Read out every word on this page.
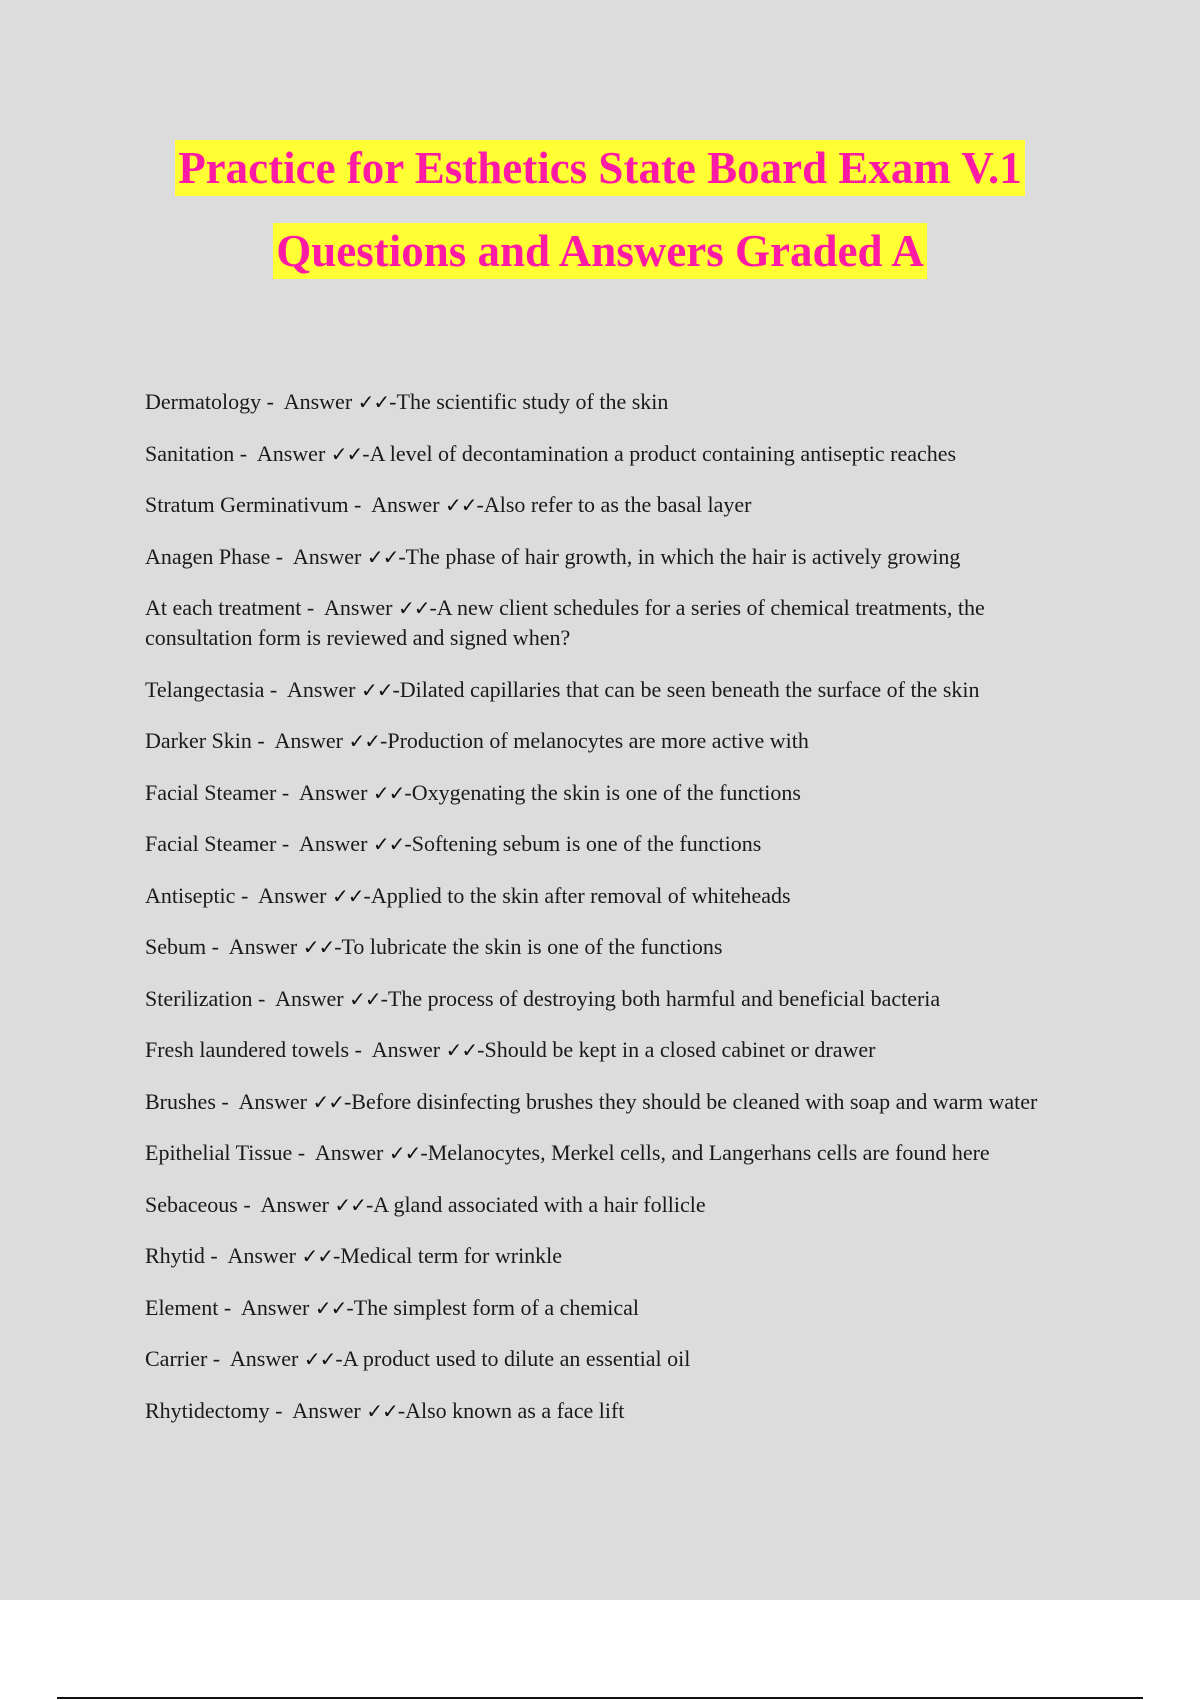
Practice for Esthetics State Board Exam V.1
Questions and Answers Graded A
Dermatology -  Answer ✓✓-The scientific study of the skin
Sanitation -  Answer ✓✓-A level of decontamination a product containing antiseptic reaches
Stratum Germinativum -  Answer ✓✓-Also refer to as the basal layer
Anagen Phase -  Answer ✓✓-The phase of hair growth, in which the hair is actively growing
At each treatment -  Answer ✓✓-A new client schedules for a series of chemical treatments, the consultation form is reviewed and signed when?
Telangectasia -  Answer ✓✓-Dilated capillaries that can be seen beneath the surface of the skin
Darker Skin -  Answer ✓✓-Production of melanocytes are more active with
Facial Steamer -  Answer ✓✓-Oxygenating the skin is one of the functions
Facial Steamer -  Answer ✓✓-Softening sebum is one of the functions
Antiseptic -  Answer ✓✓-Applied to the skin after removal of whiteheads
Sebum -  Answer ✓✓-To lubricate the skin is one of the functions
Sterilization -  Answer ✓✓-The process of destroying both harmful and beneficial bacteria
Fresh laundered towels -  Answer ✓✓-Should be kept in a closed cabinet or drawer
Brushes -  Answer ✓✓-Before disinfecting brushes they should be cleaned with soap and warm water
Epithelial Tissue -  Answer ✓✓-Melanocytes, Merkel cells, and Langerhans cells are found here
Sebaceous -  Answer ✓✓-A gland associated with a hair follicle
Rhytid -  Answer ✓✓-Medical term for wrinkle
Element -  Answer ✓✓-The simplest form of a chemical
Carrier -  Answer ✓✓-A product used to dilute an essential oil
Rhytidectomy -  Answer ✓✓-Also known as a face lift
